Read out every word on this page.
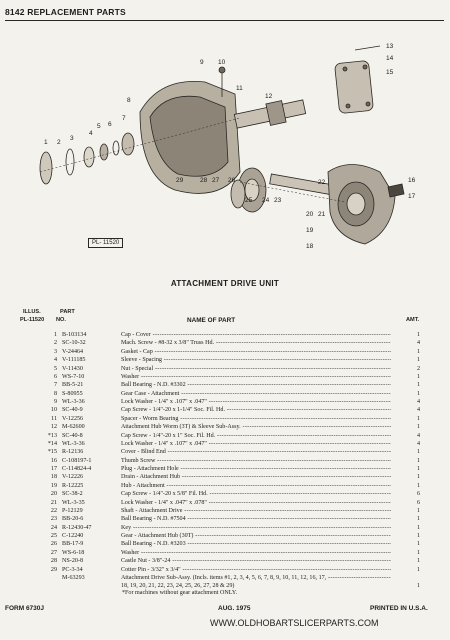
8142 REPLACEMENT PARTS
1 2
3
4
5 6
7
8
9 10
11
12
13
14
15
16
17
18
19
20 21
22
23
24
25
26
27
28
29
PL- 11520
ATTACHMENT DRIVE UNIT
ILLUS.	PART
PL-11520 NO.	NAME OF PART	AMT.
1 B-103134	Cap - Cover -----	1
2 SC-10-32	Mach. Screw - #8-32 x 3/8" Truss Hd. -----	4
3 V-24464	Gasket - Cap -----	1
4 V-111185	Sleeve - Spacing -----	1
5 V-11430	Nut - Special -----	2
6 WS-7-10	Washer -----	1
7 BB-5-21	Ball Bearing - N.D. #3302 -----	1
8 S-80955	Gear Case - Attachment -----	1
9 WL-3-36	Lock Washer - 1/4" x .107" x .047" -----	4
10 SC-40-9	Cap Screw - 1/4"-20 x 1-1/4" Soc. Fil. Hd. -----	4
11 V-12256	Spacer - Worm Bearing -----	1
12 M-62600	Attachment Hub Worm (3T) & Sleeve Sub-Assy. -----	1
*13 SC-40-8	Cap Screw - 1/4"-20 x 1" Soc. Fil. Hd. -----	4
*14 WL-3-36	Lock Washer - 1/4" x .107" x .047" -----	4
*15 R-12136	Cover - Blind End -----	1
16 C-108197-1	Thumb Screw -----	1
17 C-114824-4	Plug - Attachment Hole -----	1
18 V-12226	Drain - Attachment Hub -----	1
19 R-12225	Hub - Attachment -----	1
20 SC-38-2	Cap Screw - 1/4"-20 x 5/8" Fil. Hd. -----	6
21 WL-3-35	Lock Washer - 1/4" x .047" x .078" -----	6
22 P-12129	Shaft - Attachment Drive -----	1
23 BB-20-6	Ball Bearing - N.D. #7504 -----	1
24 R-12430-47	Key -----	1
25 C-12240	Gear - Attachment Hub (30T) -----	1
26 BB-17-9	Ball Bearing - N.D. #3203 -----	1
27 WS-6-18	Washer -----	1
28 NS-20-8	Castle Nut - 3/8"-24 -----	1
29 PC-3-34	Cotter Pin - 3/32" x 3/4" -----	1
M-63293	Attachment Drive Sub-Assy. (Incls. items #1, 2, 3, 4, 5, 6, 7, 8, 9, 10, 11, 12, 16, 17, -----
18, 19, 20, 21, 22, 23, 24, 25, 26, 27, 28 & 29)	1
*For machines without gear attachment ONLY.
FORM 6730J	AUG. 1975	PRINTED IN U.S.A.
WWW.OLDHOBARTSLICERPARTS.COM
